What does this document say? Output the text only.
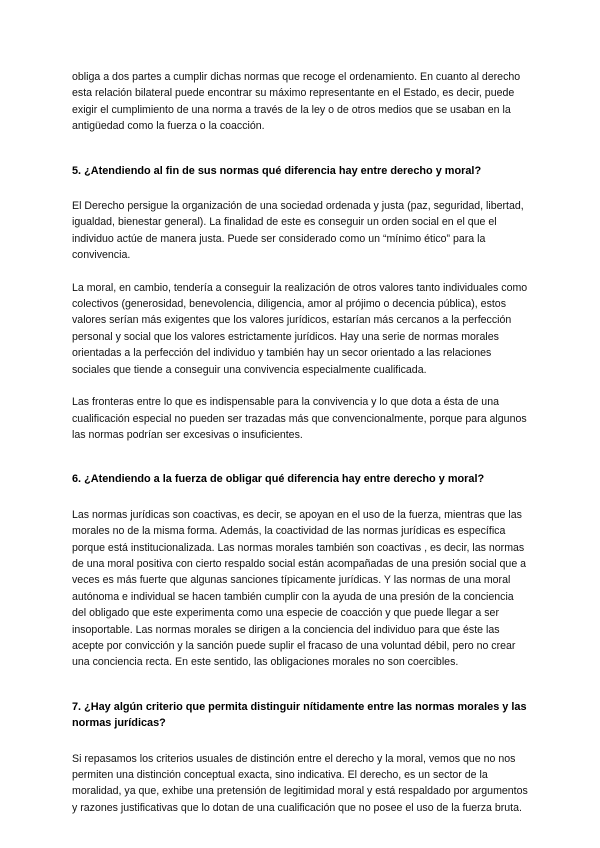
obliga a dos partes a cumplir dichas normas que recoge el ordenamiento. En cuanto al derecho esta relación bilateral puede encontrar su máximo representante en el Estado, es decir, puede exigir el cumplimiento de una norma a través de la ley o de otros medios que se usaban en la antigüedad como la fuerza o la coacción.

5. ¿Atendiendo al fin de sus normas qué diferencia hay entre derecho y moral?

El Derecho persigue la organización de una sociedad ordenada y justa (paz, seguridad, libertad, igualdad, bienestar general). La finalidad de este es conseguir un orden social en el que el individuo actúe de manera justa. Puede ser considerado como un “mínimo ético” para la convivencia.

La moral, en cambio, tendería a conseguir la realización de otros valores tanto individuales como colectivos (generosidad, benevolencia, diligencia, amor al prójimo o decencia pública), estos valores serían más exigentes que los valores jurídicos, estarían más cercanos a la perfección personal y social que los valores estrictamente jurídicos. Hay una serie de normas morales orientadas a la perfección del individuo y también hay un secor orientado a las relaciones sociales que tiende a conseguir una convivencia especialmente cualificada.

Las fronteras entre lo que es indispensable para la convivencia y lo que dota a ésta de una cualificación especial no pueden ser trazadas más que convencionalmente, porque para algunos las normas podrían ser excesivas o insuficientes.

6. ¿Atendiendo a la fuerza de obligar qué diferencia hay entre derecho y moral?

Las normas jurídicas son coactivas, es decir, se apoyan en el uso de la fuerza, mientras que las morales no de la misma forma. Además, la coactividad de las normas jurídicas es específica porque está institucionalizada. Las normas morales también son coactivas , es decir, las normas de una moral positiva con cierto respaldo social están acompañadas de una presión social que a veces es más fuerte que algunas sanciones típicamente jurídicas. Y las normas de una moral autónoma e individual se hacen también cumplir con la ayuda de una presión de la conciencia del obligado que este experimenta como una especie de coacción y que puede llegar a ser insoportable. Las normas morales se dirigen a la conciencia del individuo para que éste las acepte por convicción y la sanción puede suplir el fracaso de una voluntad débil, pero no crear una conciencia recta. En este sentido, las obligaciones morales no son coercibles.

7. ¿Hay algún criterio que permita distinguir nítidamente entre las normas morales y las normas jurídicas?

Si repasamos los criterios usuales de distinción entre el derecho y la moral, vemos que no nos permiten una distinción conceptual exacta, sino indicativa. El derecho, es un sector de la moralidad, ya que, exhibe una pretensión de legitimidad moral y está respaldado por argumentos y razones justificativas que lo dotan de una cualificación que no posee el uso de la fuerza bruta.
